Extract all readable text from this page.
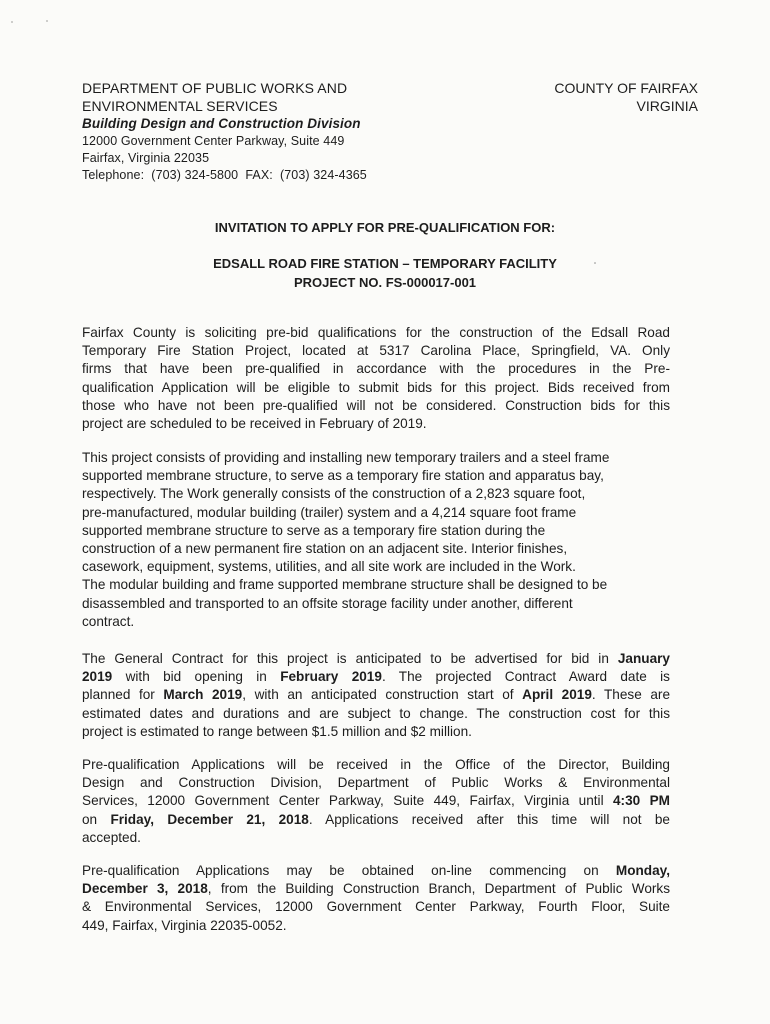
DEPARTMENT OF PUBLIC WORKS AND
ENVIRONMENTAL SERVICES
Building Design and Construction Division
12000 Government Center Parkway, Suite 449
Fairfax, Virginia 22035
Telephone:  (703) 324-5800  FAX:  (703) 324-4365
COUNTY OF FAIRFAX
VIRGINIA
INVITATION TO APPLY FOR PRE-QUALIFICATION FOR:
EDSALL ROAD FIRE STATION – TEMPORARY FACILITY
PROJECT NO. FS-000017-001
Fairfax County is soliciting pre-bid qualifications for the construction of the Edsall Road
Temporary Fire Station Project, located at 5317 Carolina Place, Springfield, VA. Only
firms that have been pre-qualified in accordance with the procedures in the Pre-
qualification Application will be eligible to submit bids for this project. Bids received from
those who have not been pre-qualified will not be considered. Construction bids for this
project are scheduled to be received in February of 2019.
This project consists of providing and installing new temporary trailers and a steel frame
supported membrane structure, to serve as a temporary fire station and apparatus bay,
respectively. The Work generally consists of the construction of a 2,823 square foot,
pre-manufactured, modular building (trailer) system and a 4,214 square foot frame
supported membrane structure to serve as a temporary fire station during the
construction of a new permanent fire station on an adjacent site. Interior finishes,
casework, equipment, systems, utilities, and all site work are included in the Work.
The modular building and frame supported membrane structure shall be designed to be
disassembled and transported to an offsite storage facility under another, different
contract.
The General Contract for this project is anticipated to be advertised for bid in January
2019 with bid opening in February 2019. The projected Contract Award date is
planned for March 2019, with an anticipated construction start of April 2019. These are
estimated dates and durations and are subject to change. The construction cost for this
project is estimated to range between $1.5 million and $2 million.
Pre-qualification Applications will be received in the Office of the Director, Building
Design and Construction Division, Department of Public Works & Environmental
Services, 12000 Government Center Parkway, Suite 449, Fairfax, Virginia until 4:30 PM
on Friday, December 21, 2018. Applications received after this time will not be
accepted.
Pre-qualification Applications may be obtained on-line commencing on Monday,
December 3, 2018, from the Building Construction Branch, Department of Public Works
& Environmental Services, 12000 Government Center Parkway, Fourth Floor, Suite
449, Fairfax, Virginia 22035-0052.
